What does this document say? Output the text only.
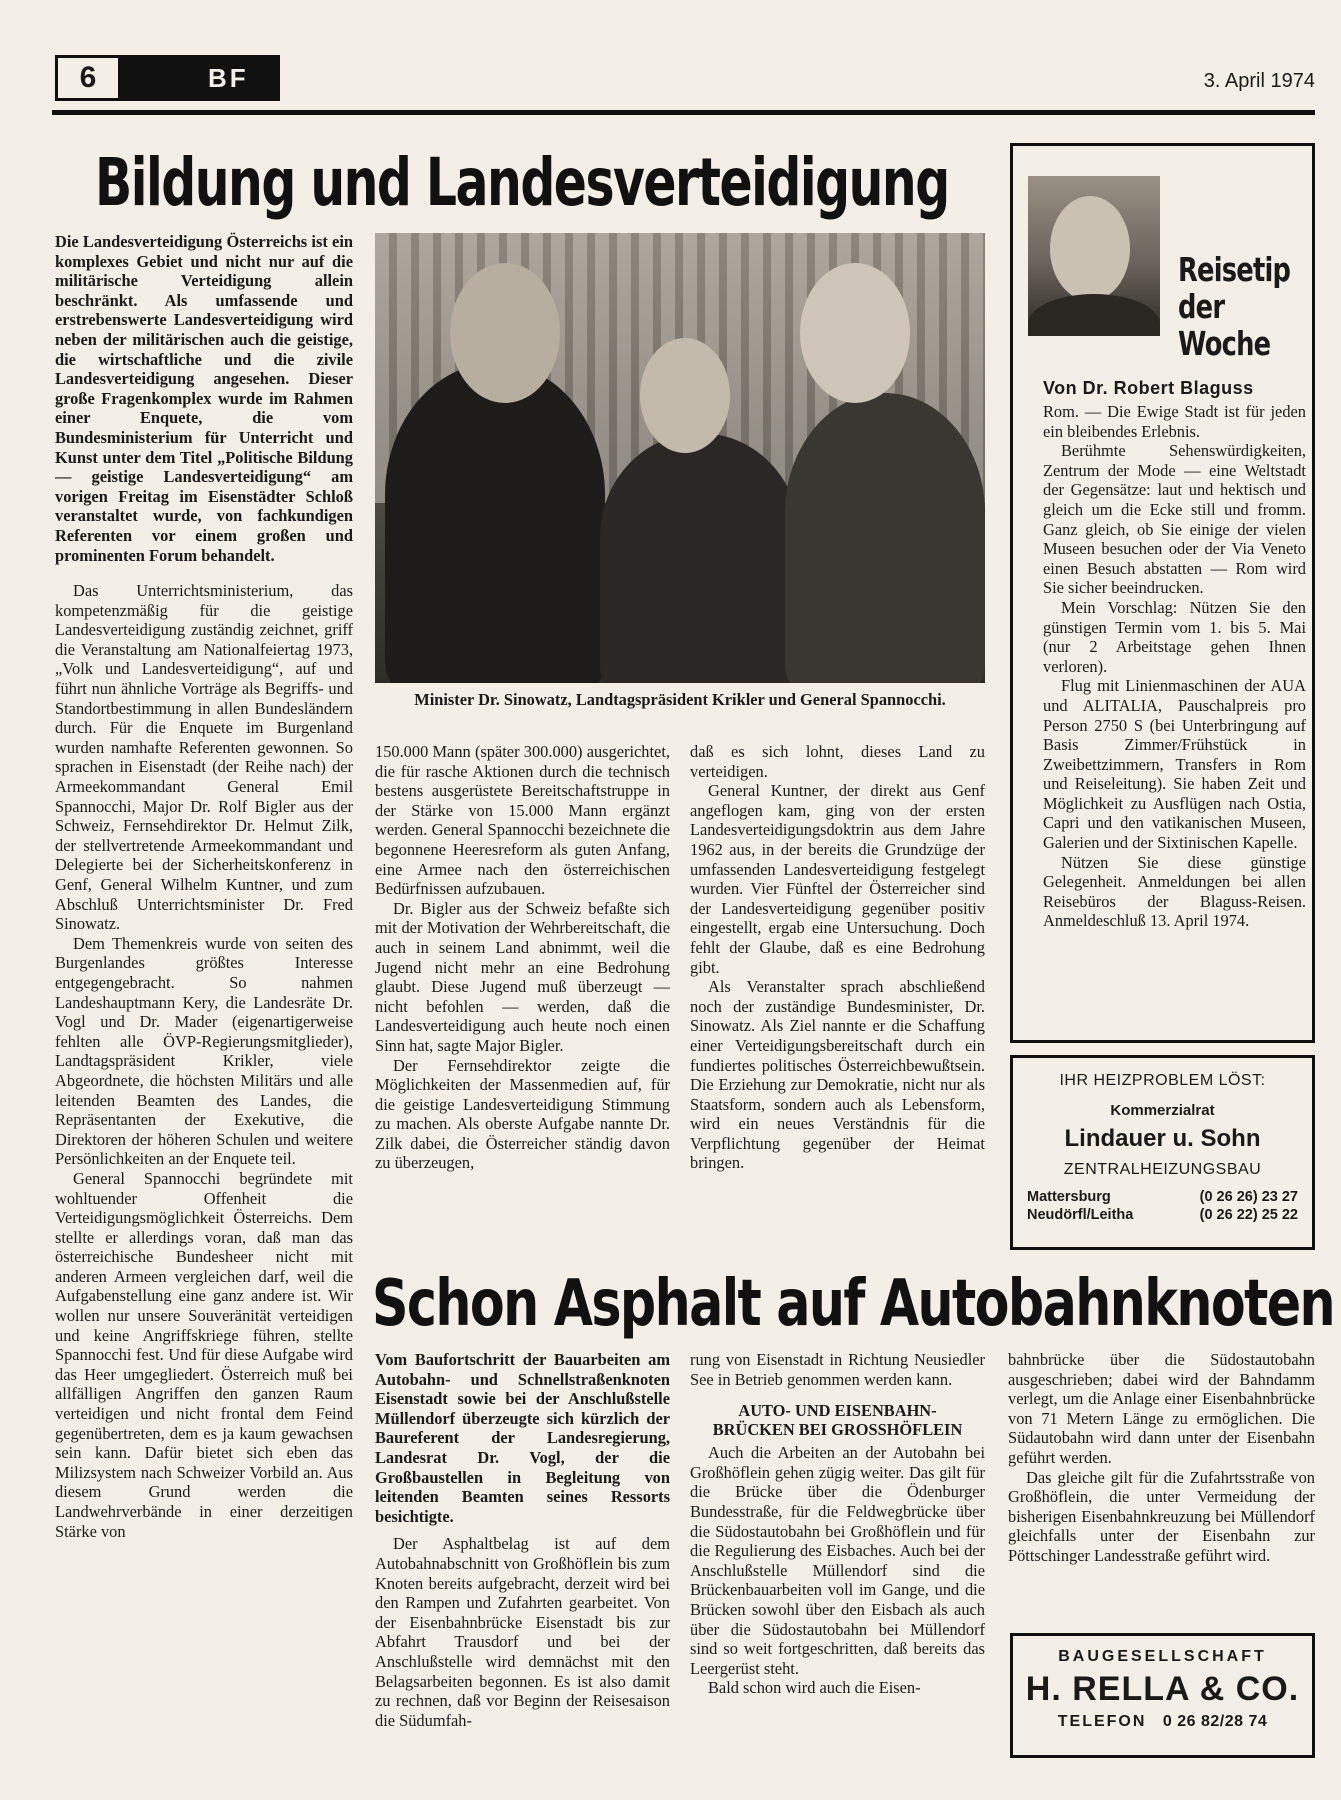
6	BF	3. April 1974
Bildung und Landesverteidigung
Die Landesverteidigung Österreichs ist ein komplexes Gebiet und nicht nur auf die militärische Verteidigung allein beschränkt. Als umfassende und erstrebenswerte Landesverteidigung wird neben der militärischen auch die geistige, die wirtschaftliche und die zivile Landesverteidigung angesehen. Dieser große Fragenkomplex wurde im Rahmen einer Enquete, die vom Bundesministerium für Unterricht und Kunst unter dem Titel „Politische Bildung — geistige Landesverteidigung“ am vorigen Freitag im Eisenstädter Schloß veranstaltet wurde, von fachkundigen Referenten vor einem großen und prominenten Forum behandelt.

Das Unterrichtsministerium, das kompetenzmäßig für die geistige Landesverteidigung zuständig zeichnet, griff die Veranstaltung am Nationalfeiertag 1973, „Volk und Landesverteidigung“, auf und führt nun ähnliche Vorträge als Begriffs- und Standortbestimmung in allen Bundesländern durch. Für die Enquete im Burgenland wurden namhafte Referenten gewonnen. So sprachen in Eisenstadt (der Reihe nach) der Armeekommandant General Emil Spannocchi, Major Dr. Rolf Bigler aus der Schweiz, Fernsehdirektor Dr. Helmut Zilk, der stellvertretende Armeekommandant und Delegierte bei der Sicherheitskonferenz in Genf, General Wilhelm Kuntner, und zum Abschluß Unterrichtsminister Dr. Fred Sinowatz.

Dem Themenkreis wurde von seiten des Burgenlandes größtes Interesse entgegengebracht. So nahmen Landeshauptmann Kery, die Landesräte Dr. Vogl und Dr. Mader (eigenartigerweise fehlten alle ÖVP-Regierungsmitglieder), Landtagspräsident Krikler, viele Abgeordnete, die höchsten Militärs und alle leitenden Beamten des Landes, die Repräsentanten der Exekutive, die Direktoren der höheren Schulen und weitere Persönlichkeiten an der Enquete teil.

General Spannocchi begründete mit wohltuender Offenheit die Verteidigungsmöglichkeit Österreichs. Dem stellte er allerdings voran, daß man das österreichische Bundesheer nicht mit anderen Armeen vergleichen darf, weil die Aufgabenstellung eine ganz andere ist. Wir wollen nur unsere Souveränität verteidigen und keine Angriffskriege führen, stellte Spannocchi fest. Und für diese Aufgabe wird das Heer umgegliedert. Österreich muß bei allfälligen Angriffen den ganzen Raum verteidigen und nicht frontal dem Feind gegenübertreten, dem es ja kaum gewachsen sein kann. Dafür bietet sich eben das Milizsystem nach Schweizer Vorbild an. Aus diesem Grund werden die Landwehrverbände in einer derzeitigen Stärke von

Minister Dr. Sinowatz, Landtagspräsident Krikler und General Spannocchi.

150.000 Mann (später 300.000) ausgerichtet, die für rasche Aktionen durch die technisch bestens ausgerüstete Bereitschaftstruppe in der Stärke von 15.000 Mann ergänzt werden. General Spannocchi bezeichnete die begonnene Heeresreform als guten Anfang, eine Armee nach den österreichischen Bedürfnissen aufzubauen.

Dr. Bigler aus der Schweiz befaßte sich mit der Motivation der Wehrbereitschaft, die auch in seinem Land abnimmt, weil die Jugend nicht mehr an eine Bedrohung glaubt. Diese Jugend muß überzeugt — nicht befohlen — werden, daß die Landesverteidigung auch heute noch einen Sinn hat, sagte Major Bigler.

Der Fernsehdirektor zeigte die Möglichkeiten der Massenmedien auf, für die geistige Landesverteidigung Stimmung zu machen. Als oberste Aufgabe nannte Dr. Zilk dabei, die Österreicher ständig davon zu überzeugen,

daß es sich lohnt, dieses Land zu verteidigen.

General Kuntner, der direkt aus Genf angeflogen kam, ging von der ersten Landesverteidigungsdoktrin aus dem Jahre 1962 aus, in der bereits die Grundzüge der umfassenden Landesverteidigung festgelegt wurden. Vier Fünftel der Österreicher sind der Landesverteidigung gegenüber positiv eingestellt, ergab eine Untersuchung. Doch fehlt der Glaube, daß es eine Bedrohung gibt.

Als Veranstalter sprach abschließend noch der zuständige Bundesminister, Dr. Sinowatz. Als Ziel nannte er die Schaffung einer Verteidigungsbereitschaft durch ein fundiertes politisches Österreichbewußtsein. Die Erziehung zur Demokratie, nicht nur als Staatsform, sondern auch als Lebensform, wird ein neues Verständnis für die Verpflichtung gegenüber der Heimat bringen.

Reisetip
der
Woche
Von Dr. Robert Blaguss

Rom. — Die Ewige Stadt ist für jeden ein bleibendes Erlebnis.

Berühmte Sehenswürdigkeiten, Zentrum der Mode — eine Weltstadt der Gegensätze: laut und hektisch und gleich um die Ecke still und fromm. Ganz gleich, ob Sie einige der vielen Museen besuchen oder der Via Veneto einen Besuch abstatten — Rom wird Sie sicher beeindrucken.

Mein Vorschlag: Nützen Sie den günstigen Termin vom 1. bis 5. Mai (nur 2 Arbeitstage gehen Ihnen verloren).

Flug mit Linienmaschinen der AUA und ALITALIA, Pauschalpreis pro Person 2750 S (bei Unterbringung auf Basis Zimmer/Frühstück in Zweibettzimmern, Transfers in Rom und Reiseleitung). Sie haben Zeit und Möglichkeit zu Ausflügen nach Ostia, Capri und den vatikanischen Museen, Galerien und der Sixtinischen Kapelle.

Nützen Sie diese günstige Gelegenheit. Anmeldungen bei allen Reisebüros der Blaguss-Reisen. Anmeldeschluß 13. April 1974.

IHR HEIZPROBLEM LÖST:
Kommerzialrat
Lindauer u. Sohn
ZENTRALHEIZUNGSBAU
Mattersburg	(0 26 26) 23 27
Neudörfl/Leitha	(0 26 22) 25 22
Schon Asphalt auf Autobahnknoten
Vom Baufortschritt der Bauarbeiten am Autobahn- und Schnellstraßenknoten Eisenstadt sowie bei der Anschlußstelle Müllendorf überzeugte sich kürzlich der Baureferent der Landesregierung, Landesrat Dr. Vogl, der die Großbaustellen in Begleitung von leitenden Beamten seines Ressorts besichtigte.

Der Asphaltbelag ist auf dem Autobahnabschnitt von Großhöflein bis zum Knoten bereits aufgebracht, derzeit wird bei den Rampen und Zufahrten gearbeitet. Von der Eisenbahnbrücke Eisenstadt bis zur Abfahrt Trausdorf und bei der Anschlußstelle wird demnächst mit den Belagsarbeiten begonnen. Es ist also damit zu rechnen, daß vor Beginn der Reisesaison die Südumfah-

rung von Eisenstadt in Richtung Neusiedler See in Betrieb genommen werden kann.

AUTO- UND EISENBAHN-BRÜCKEN BEI GROSSHÖFLEIN

Auch die Arbeiten an der Autobahn bei Großhöflein gehen zügig weiter. Das gilt für die Brücke über die Ödenburger Bundesstraße, für die Feldwegbrücke über die Südostautobahn bei Großhöflein und für die Regulierung des Eisbaches. Auch bei der Anschlußstelle Müllendorf sind die Brückenbauarbeiten voll im Gange, und die Brücken sowohl über den Eisbach als auch über die Südostautobahn bei Müllendorf sind so weit fortgeschritten, daß bereits das Leergerüst steht.

Bald schon wird auch die Eisen-

bahnbrücke über die Südostautobahn ausgeschrieben; dabei wird der Bahndamm verlegt, um die Anlage einer Eisenbahnbrücke von 71 Metern Länge zu ermöglichen. Die Südautobahn wird dann unter der Eisenbahn geführt werden.

Das gleiche gilt für die Zufahrtsstraße von Großhöflein, die unter Vermeidung der bisherigen Eisenbahnkreuzung bei Müllendorf gleichfalls unter der Eisenbahn zur Pöttschinger Landesstraße geführt wird.

BAUGESELLSCHAFT
H. RELLA & CO.
TELEFON 0 26 82/28 74
